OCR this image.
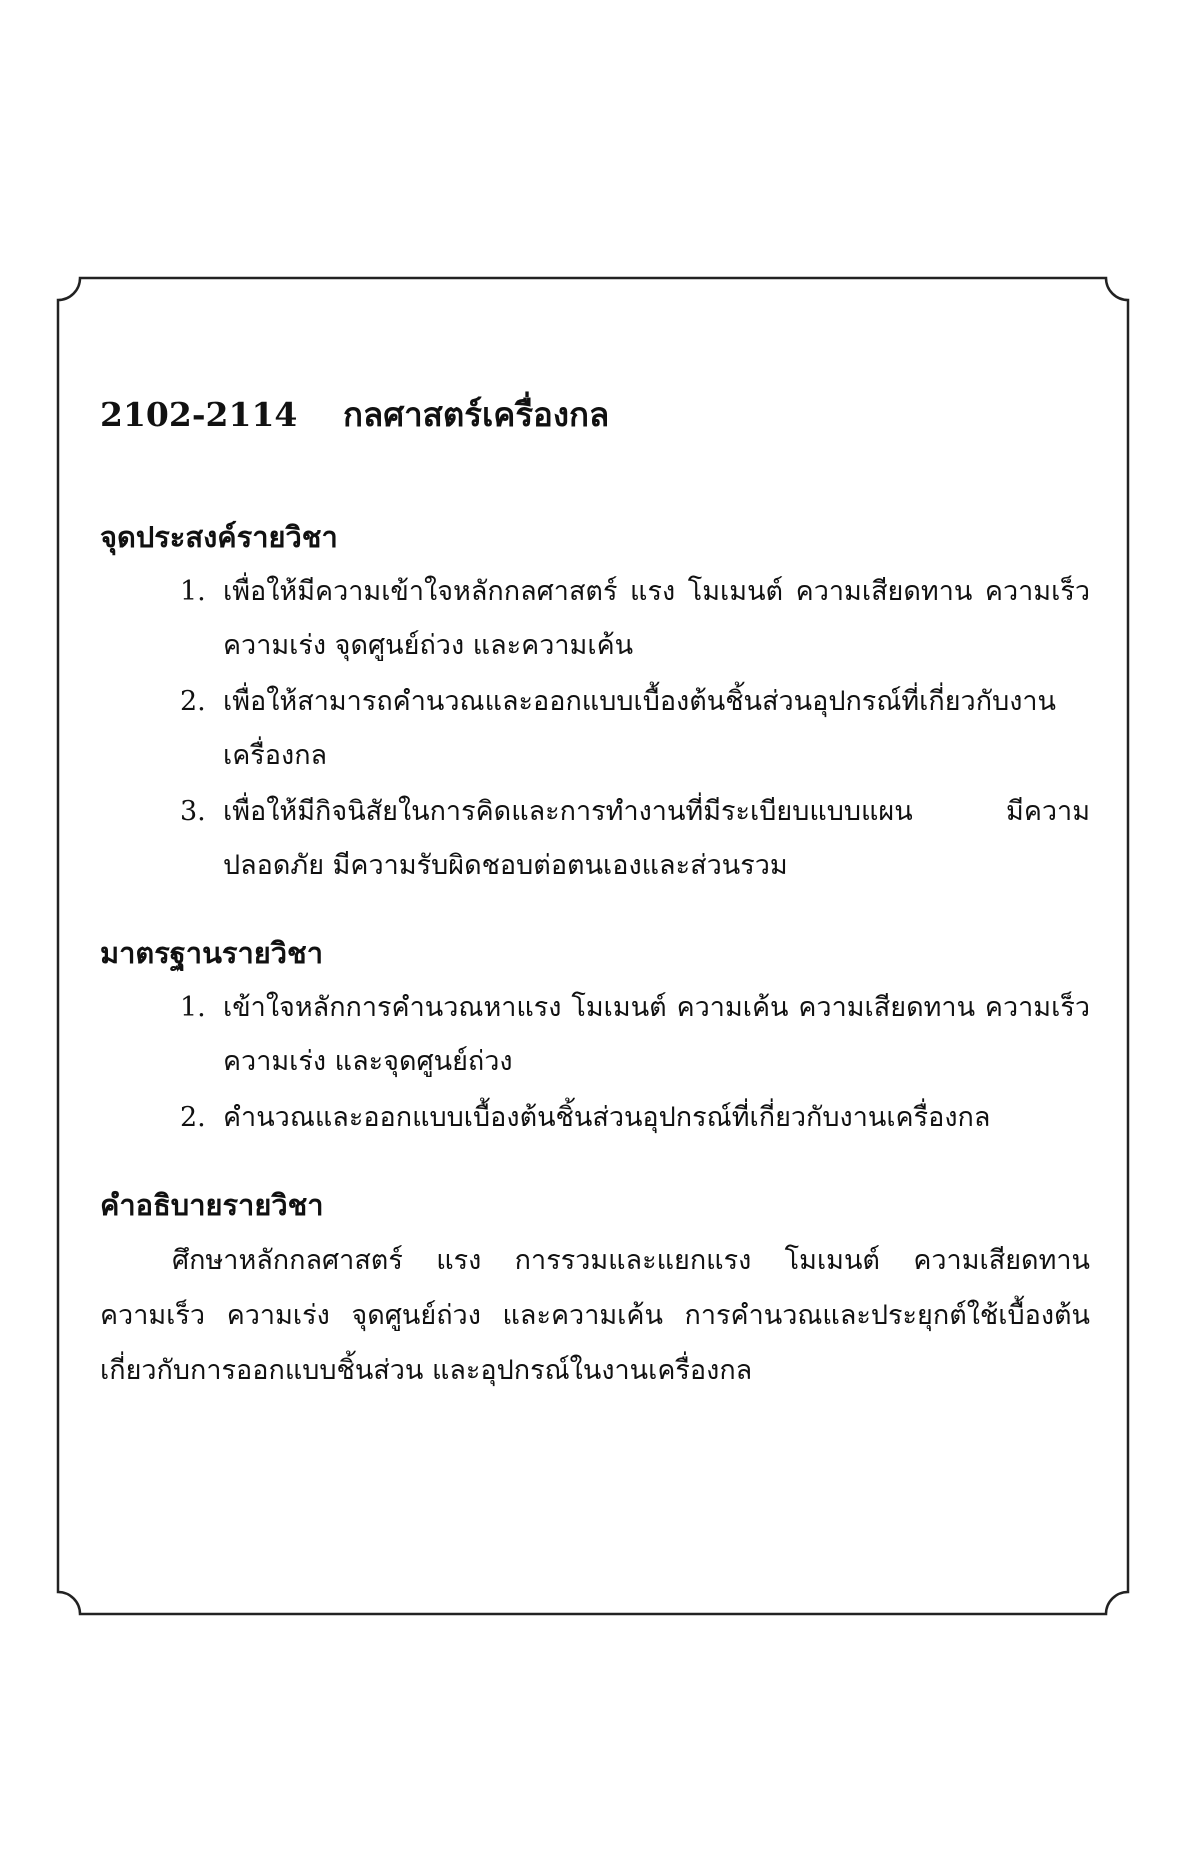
2102-2114	กลศาสตร์เครื่องกล
จุดประสงค์รายวิชา
1. เพื่อให้มีความเข้าใจหลักกลศาสตร์ แรง โมเมนต์ ความเสียดทาน ความเร็ว ความเร่ง จุดศูนย์ถ่วง และความเค้น
2. เพื่อให้สามารถคำนวณและออกแบบเบื้องต้นชิ้นส่วนอุปกรณ์ที่เกี่ยวกับงานเครื่องกล
3. เพื่อให้มีกิจนิสัยในการคิดและการทำงานที่มีระเบียบแบบแผน มีความปลอดภัย มีความรับผิดชอบต่อตนเองและส่วนรวม
มาตรฐานรายวิชา
1. เข้าใจหลักการคำนวณหาแรง โมเมนต์ ความเค้น ความเสียดทาน ความเร็ว ความเร่ง และจุดศูนย์ถ่วง
2. คำนวณและออกแบบเบื้องต้นชิ้นส่วนอุปกรณ์ที่เกี่ยวกับงานเครื่องกล
คำอธิบายรายวิชา

ศึกษาหลักกลศาสตร์ แรง การรวมและแยกแรง โมเมนต์ ความเสียดทาน ความเร็ว ความเร่ง จุดศูนย์ถ่วง และความเค้น การคำนวณและประยุกต์ใช้เบื้องต้นเกี่ยวกับการออกแบบชิ้นส่วน และอุปกรณ์ในงานเครื่องกล
